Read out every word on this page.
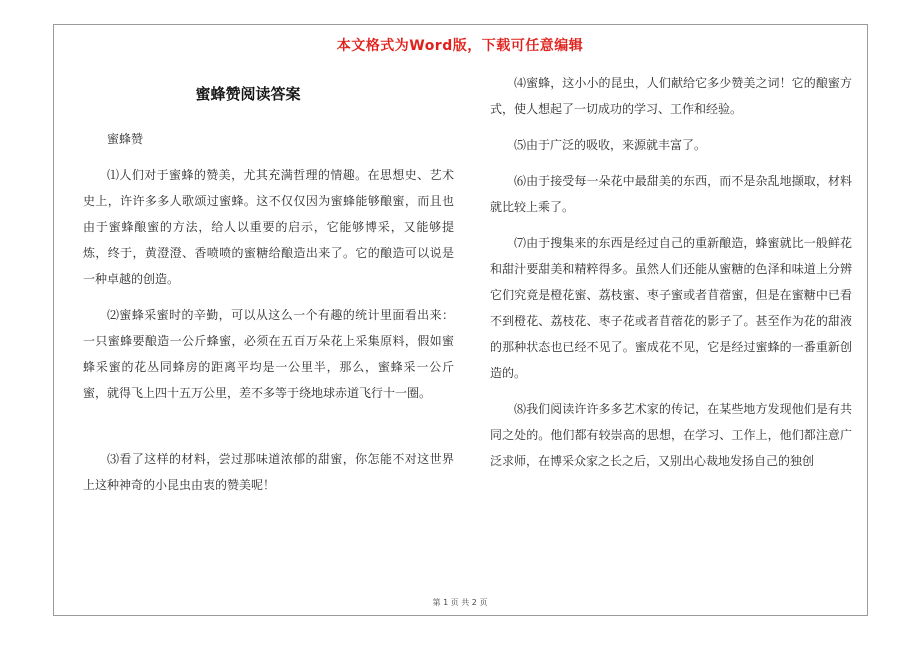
本文格式为Word版，下载可任意编辑
蜜蜂赞阅读答案

蜜蜂赞

⑴人们对于蜜蜂的赞美，尤其充满哲理的情趣。在思想史、艺术史上，许许多多人歌颂过蜜蜂。这不仅仅因为蜜蜂能够酿蜜，而且也由于蜜蜂酿蜜的方法，给人以重要的启示，它能够博采，又能够提炼，终于，黄澄澄、香喷喷的蜜糖给酿造出来了。它的酿造可以说是一种卓越的创造。

⑵蜜蜂采蜜时的辛勤，可以从这么一个有趣的统计里面看出来：一只蜜蜂要酿造一公斤蜂蜜，必须在五百万朵花上采集原料，假如蜜蜂采蜜的花丛同蜂房的距离平均是一公里半，那么，蜜蜂采一公斤蜜，就得飞上四十五万公里，差不多等于绕地球赤道飞行十一圈。

⑶看了这样的材料，尝过那味道浓郁的甜蜜，你怎能不对这世界上这种神奇的小昆虫由衷的赞美呢！

⑷蜜蜂，这小小的昆虫，人们献给它多少赞美之词！它的酿蜜方式，使人想起了一切成功的学习、工作和经验。

⑸由于广泛的吸收，来源就丰富了。

⑹由于接受每一朵花中最甜美的东西，而不是杂乱地撷取，材料就比较上乘了。

⑺由于搜集来的东西是经过自己的重新酿造，蜂蜜就比一般鲜花和甜汁要甜美和精粹得多。虽然人们还能从蜜糖的色泽和味道上分辨它们究竟是橙花蜜、荔枝蜜、枣子蜜或者苜蓿蜜，但是在蜜糖中已看不到橙花、荔枝花、枣子花或者苜蓿花的影子了。甚至作为花的甜液的那种状态也已经不见了。蜜成花不见，它是经过蜜蜂的一番重新创造的。

⑻我们阅读许许多多艺术家的传记，在某些地方发现他们是有共同之处的。他们都有较崇高的思想，在学习、工作上，他们都注意广泛求师，在博采众家之长之后，又别出心裁地发扬自己的独创

第 1 页 共 2 页
